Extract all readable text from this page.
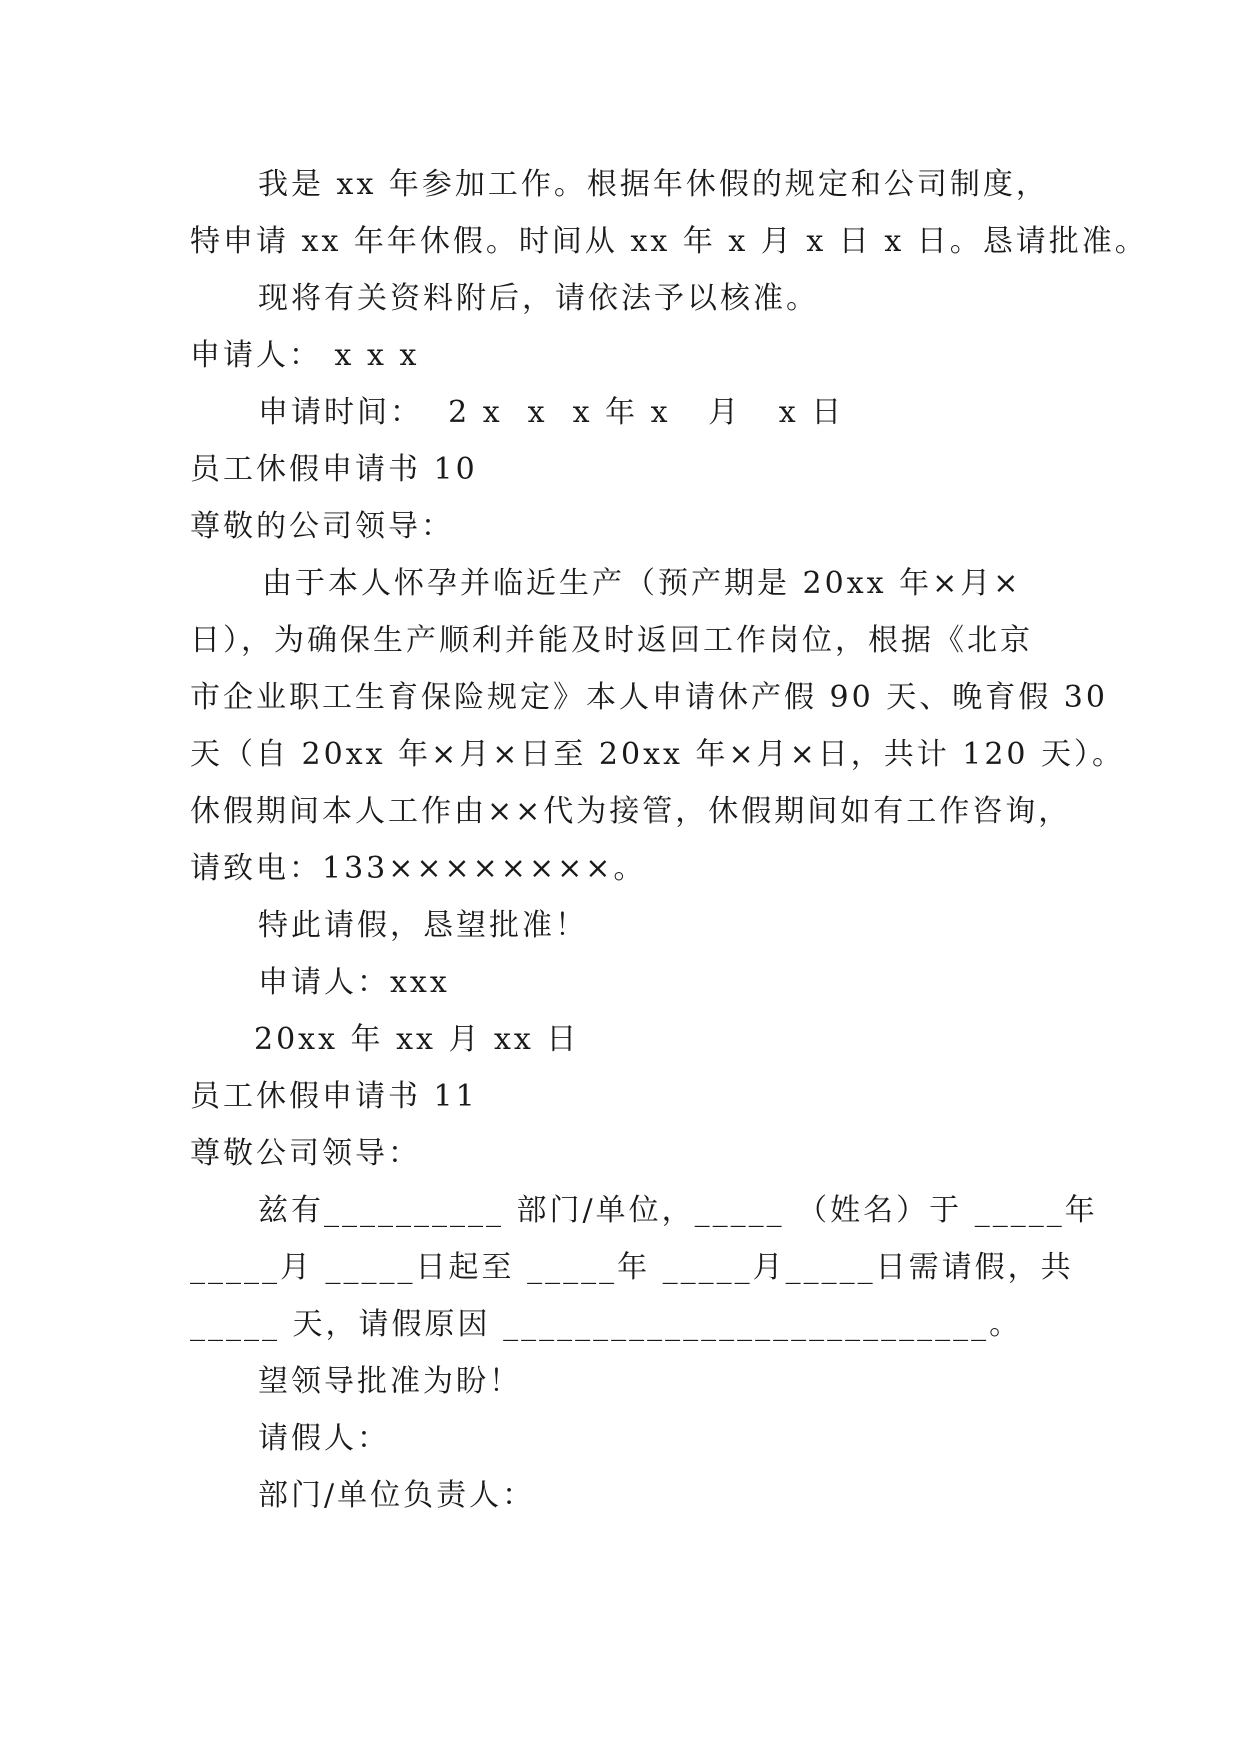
我是 xx 年参加工作。根据年休假的规定和公司制度，
特申请 xx 年年休假。时间从 xx 年 x 月 x 日 x 日。恳请批准。
现将有关资料附后，请依法予以核准。
申请人： x x x
申请时间：  2 x  x  x 年 x   月   x 日
员工休假申请书 10
尊敬的公司领导：
由于本人怀孕并临近生产（预产期是 20xx 年×月×
日），为确保生产顺利并能及时返回工作岗位，根据《北京
市企业职工生育保险规定》本人申请休产假 90 天、晚育假 30
天（自 20xx 年×月×日至 20xx 年×月×日，共计 120 天）。
休假期间本人工作由××代为接管，休假期间如有工作咨询，
请致电：133××××××××。
特此请假，恳望批准！
申请人：xxx
20xx 年 xx 月 xx 日
员工休假申请书 11
尊敬公司领导：
兹有__________ 部门/单位，_____ （姓名）于 _____年
_____月 _____日起至 _____年 _____月_____日需请假，共
_____ 天，请假原因 ___________________________。
望领导批准为盼！
请假人：
部门/单位负责人：
